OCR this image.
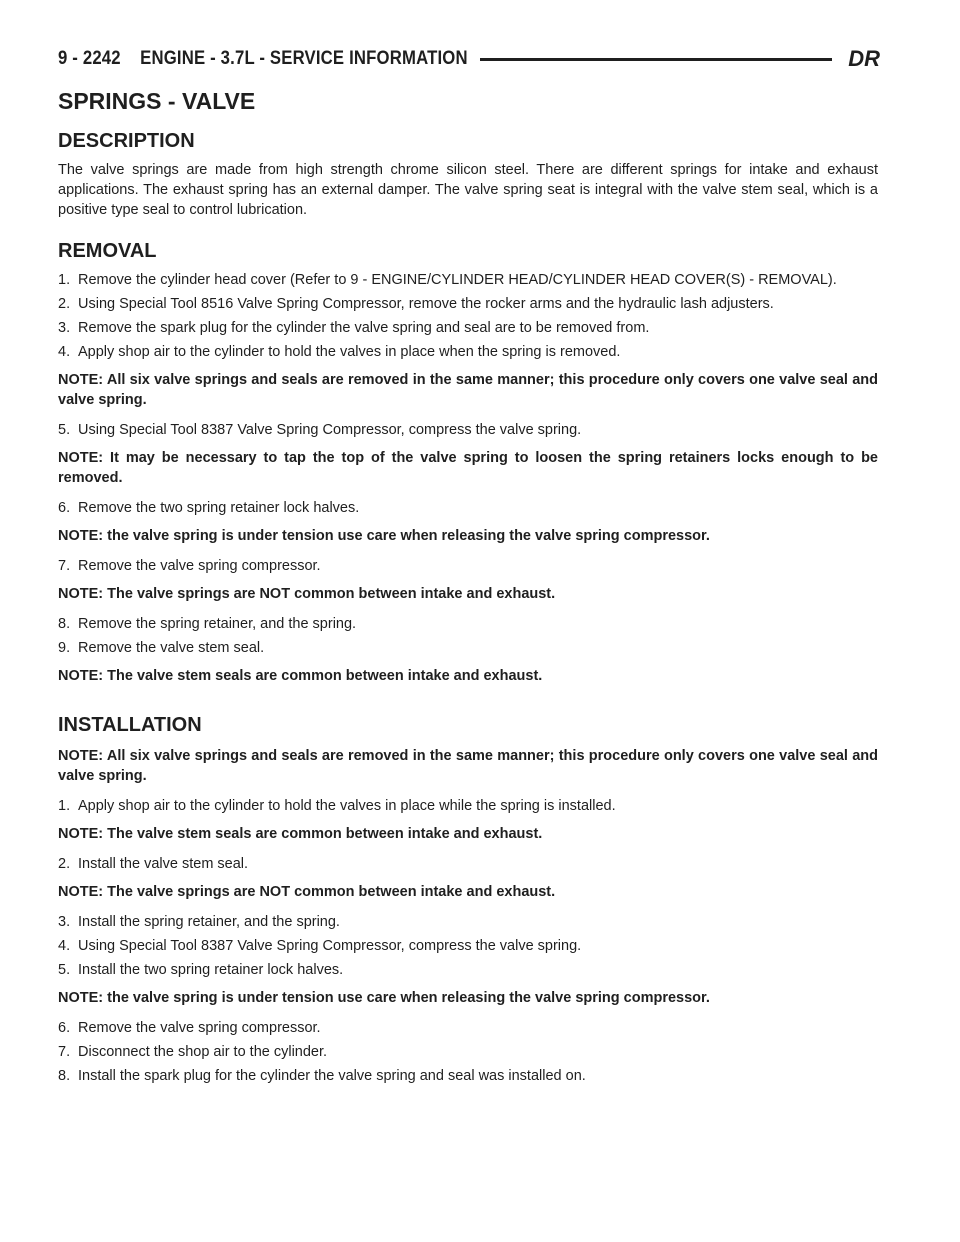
9 - 2242 ENGINE - 3.7L - SERVICE INFORMATION	DR
SPRINGS - VALVE
DESCRIPTION

The valve springs are made from high strength chrome silicon steel. There are different springs for intake and exhaust applications. The exhaust spring has an external damper. The valve spring seat is integral with the valve stem seal, which is a positive type seal to control lubrication.

REMOVAL
1. Remove the cylinder head cover (Refer to 9 - ENGINE/CYLINDER HEAD/CYLINDER HEAD COVER(S) - REMOVAL).
2. Using Special Tool 8516 Valve Spring Compressor, remove the rocker arms and the hydraulic lash adjusters.
3. Remove the spark plug for the cylinder the valve spring and seal are to be removed from.
4. Apply shop air to the cylinder to hold the valves in place when the spring is removed.

NOTE: All six valve springs and seals are removed in the same manner; this procedure only covers one valve seal and valve spring.

5. Using Special Tool 8387 Valve Spring Compressor, compress the valve spring.

NOTE: It may be necessary to tap the top of the valve spring to loosen the spring retainers locks enough to be removed.

6. Remove the two spring retainer lock halves.

NOTE: the valve spring is under tension use care when releasing the valve spring compressor.

7. Remove the valve spring compressor.

NOTE: The valve springs are NOT common between intake and exhaust.

8. Remove the spring retainer, and the spring.
9. Remove the valve stem seal.

NOTE: The valve stem seals are common between intake and exhaust.

INSTALLATION

NOTE: All six valve springs and seals are removed in the same manner; this procedure only covers one valve seal and valve spring.

1. Apply shop air to the cylinder to hold the valves in place while the spring is installed.

NOTE: The valve stem seals are common between intake and exhaust.

2. Install the valve stem seal.

NOTE: The valve springs are NOT common between intake and exhaust.

3. Install the spring retainer, and the spring.
4. Using Special Tool 8387 Valve Spring Compressor, compress the valve spring.
5. Install the two spring retainer lock halves.

NOTE: the valve spring is under tension use care when releasing the valve spring compressor.

6. Remove the valve spring compressor.
7. Disconnect the shop air to the cylinder.
8. Install the spark plug for the cylinder the valve spring and seal was installed on.
